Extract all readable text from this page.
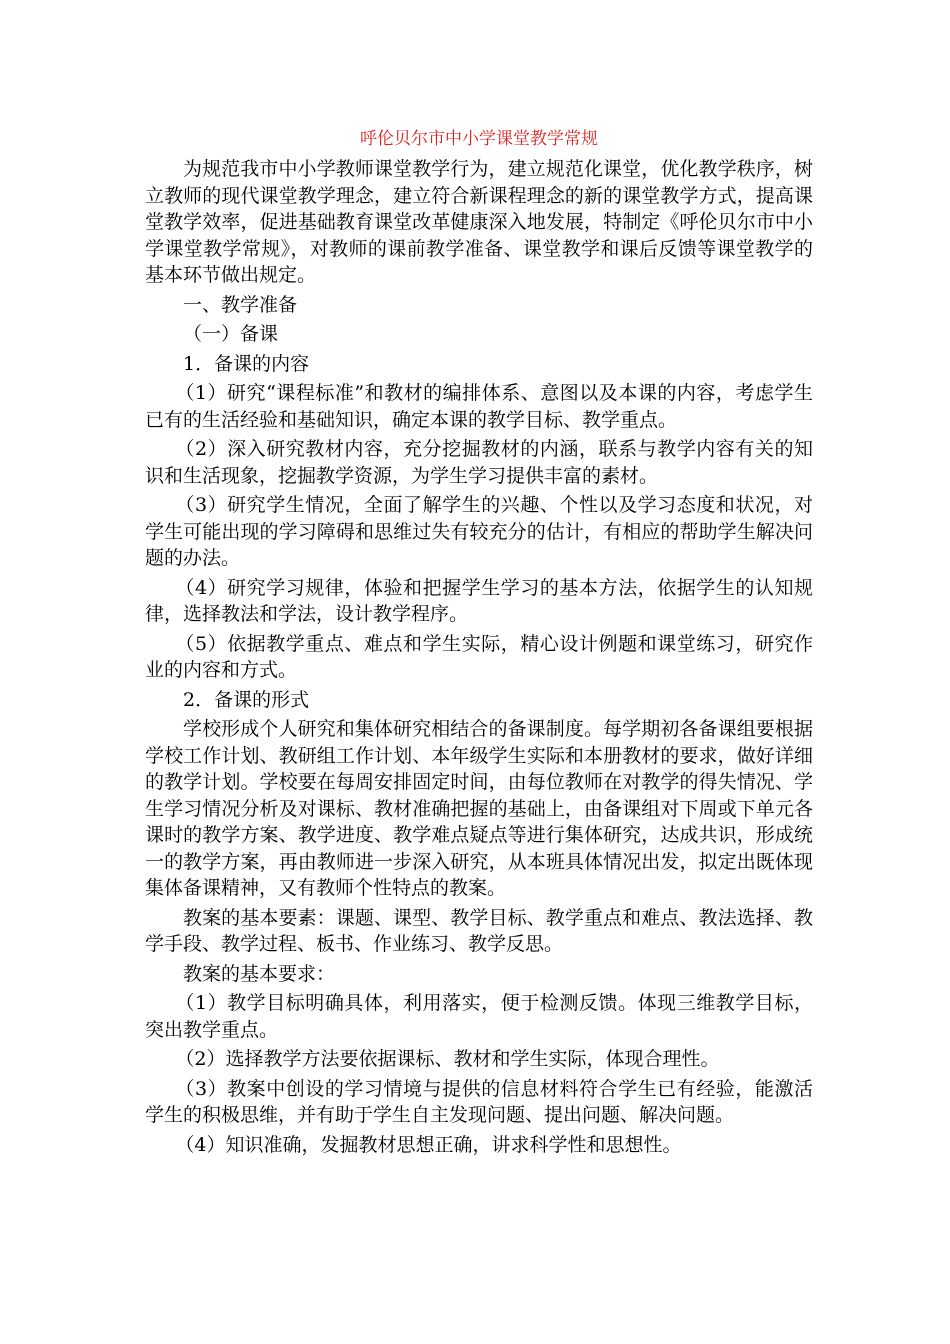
呼伦贝尔市中小学课堂教学常规

为规范我市中小学教师课堂教学行为，建立规范化课堂，优化教学秩序，树立教师的现代课堂教学理念，建立符合新课程理念的新的课堂教学方式，提高课堂教学效率，促进基础教育课堂改革健康深入地发展，特制定《呼伦贝尔市中小学课堂教学常规》，对教师的课前教学准备、课堂教学和课后反馈等课堂教学的基本环节做出规定。

一、教学准备

（一）备课

1．备课的内容

（1）研究“课程标准”和教材的编排体系、意图以及本课的内容，考虑学生已有的生活经验和基础知识，确定本课的教学目标、教学重点。

（2）深入研究教材内容，充分挖掘教材的内涵，联系与教学内容有关的知识和生活现象，挖掘教学资源，为学生学习提供丰富的素材。

（3）研究学生情况，全面了解学生的兴趣、个性以及学习态度和状况，对学生可能出现的学习障碍和思维过失有较充分的估计，有相应的帮助学生解决问题的办法。

（4）研究学习规律，体验和把握学生学习的基本方法，依据学生的认知规律，选择教法和学法，设计教学程序。

（5）依据教学重点、难点和学生实际，精心设计例题和课堂练习，研究作业的内容和方式。

2．备课的形式

学校形成个人研究和集体研究相结合的备课制度。每学期初各备课组要根据学校工作计划、教研组工作计划、本年级学生实际和本册教材的要求，做好详细的教学计划。学校要在每周安排固定时间，由每位教师在对教学的得失情况、学生学习情况分析及对课标、教材准确把握的基础上，由备课组对下周或下单元各课时的教学方案、教学进度、教学难点疑点等进行集体研究，达成共识，形成统一的教学方案，再由教师进一步深入研究，从本班具体情况出发，拟定出既体现集体备课精神，又有教师个性特点的教案。

教案的基本要素：课题、课型、教学目标、教学重点和难点、教法选择、教学手段、教学过程、板书、作业练习、教学反思。

教案的基本要求：

（1）教学目标明确具体，利用落实，便于检测反馈。体现三维教学目标，突出教学重点。

（2）选择教学方法要依据课标、教材和学生实际，体现合理性。

（3）教案中创设的学习情境与提供的信息材料符合学生已有经验，能激活学生的积极思维，并有助于学生自主发现问题、提出问题、解决问题。

（4）知识准确，发掘教材思想正确，讲求科学性和思想性。
